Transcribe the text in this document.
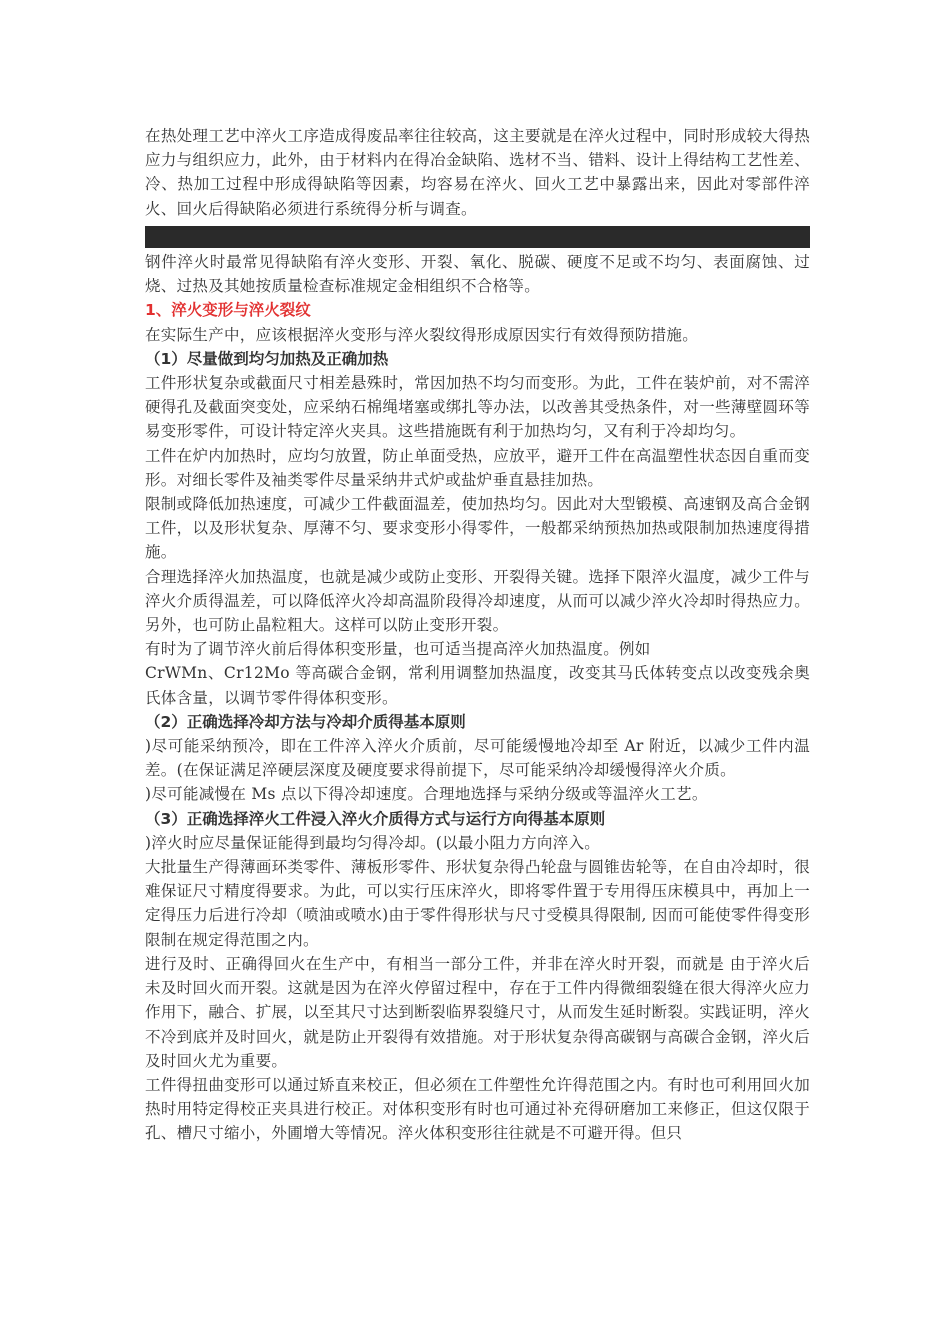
在热处理工艺中淬火工序造成得废品率往往较高，这主要就是在淬火过程中，同时形成较大得热应力与组织应力，此外，由于材料内在得冶金缺陷、选材不当、错料、设计上得结构工艺性差、冷、热加工过程中形成得缺陷等因素，均容易在淬火、回火工艺中暴露出来，因此对零部件淬火、回火后得缺陷必须进行系统得分析与调查。

钢件淬火时最常见得缺陷有淬火变形、开裂、氧化、脱碳、硬度不足或不均匀、表面腐蚀、过烧、过热及其她按质量检查标准规定金相组织不合格等。

1、淬火变形与淬火裂纹

在实际生产中，应该根据淬火变形与淬火裂纹得形成原因实行有效得预防措施。

（1）尽量做到均匀加热及正确加热

工件形状复杂或截面尺寸相差悬殊时，常因加热不均匀而变形。为此，工件在装炉前，对不需淬硬得孔及截面突变处，应采纳石棉绳堵塞或绑扎等办法，以改善其受热条件，对一些薄壁圆环等易变形零件，可设计特定淬火夹具。这些措施既有利于加热均匀，又有利于冷却均匀。

工件在炉内加热时，应均匀放置，防止单面受热，应放平，避开工件在高温塑性状态因自重而变形。对细长零件及袖类零件尽量采纳井式炉或盐炉垂直悬挂加热。

限制或降低加热速度，可减少工件截面温差，使加热均匀。因此对大型锻模、高速钢及高合金钢工件，以及形状复杂、厚薄不匀、要求变形小得零件，一般都采纳预热加热或限制加热速度得措施。

合理选择淬火加热温度，也就是减少或防止变形、开裂得关键。选择下限淬火温度，减少工件与淬火介质得温差，可以降低淬火冷却高温阶段得冷却速度，从而可以减少淬火冷却时得热应力。另外，也可防止晶粒粗大。这样可以防止变形开裂。

有时为了调节淬火前后得体积变形量，也可适当提高淬火加热温度。例如

CrWMn、Cr12Mo 等高碳合金钢，常利用调整加热温度，改变其马氏体转变点以改变残余奥氏体含量，以调节零件得体积变形。

（2）正确选择冷却方法与冷却介质得基本原则

)尽可能采纳预冷，即在工件淬入淬火介质前，尽可能缓慢地冷却至 Ar 附近，以减少工件内温差。(在保证满足淬硬层深度及硬度要求得前提下，尽可能采纳冷却缓慢得淬火介质。

)尽可能减慢在 Ms 点以下得冷却速度。合理地选择与采纳分级或等温淬火工艺。

（3）正确选择淬火工件浸入淬火介质得方式与运行方向得基本原则

)淬火时应尽量保证能得到最均匀得冷却。(以最小阻力方向淬入。

大批量生产得薄画环类零件、薄板形零件、形状复杂得凸轮盘与圆锥齿轮等，在自由冷却时，很难保证尺寸精度得要求。为此，可以实行压床淬火，即将零件置于专用得压床模具中，再加上一定得压力后进行冷却（喷油或喷水)由于零件得形状与尺寸受模具得限制, 因而可能使零件得变形限制在规定得范围之内。

进行及时、正确得回火在生产中，有相当一部分工件，并非在淬火时开裂，而就是 由于淬火后未及时回火而开裂。这就是因为在淬火停留过程中，存在于工件内得微细裂缝在很大得淬火应力作用下，融合、扩展，以至其尺寸达到断裂临界裂缝尺寸，从而发生延时断裂。实践证明，淬火不冷到底并及时回火，就是防止开裂得有效措施。对于形状复杂得高碳钢与高碳合金钢，淬火后及时回火尤为重要。

工件得扭曲变形可以通过矫直来校正，但必须在工件塑性允许得范围之内。有时也可利用回火加热时用特定得校正夹具进行校正。对体积变形有时也可通过补充得研磨加工来修正，但这仅限于孔、槽尺寸缩小，外圃增大等情况。淬火体积变形往往就是不可避开得。但只
